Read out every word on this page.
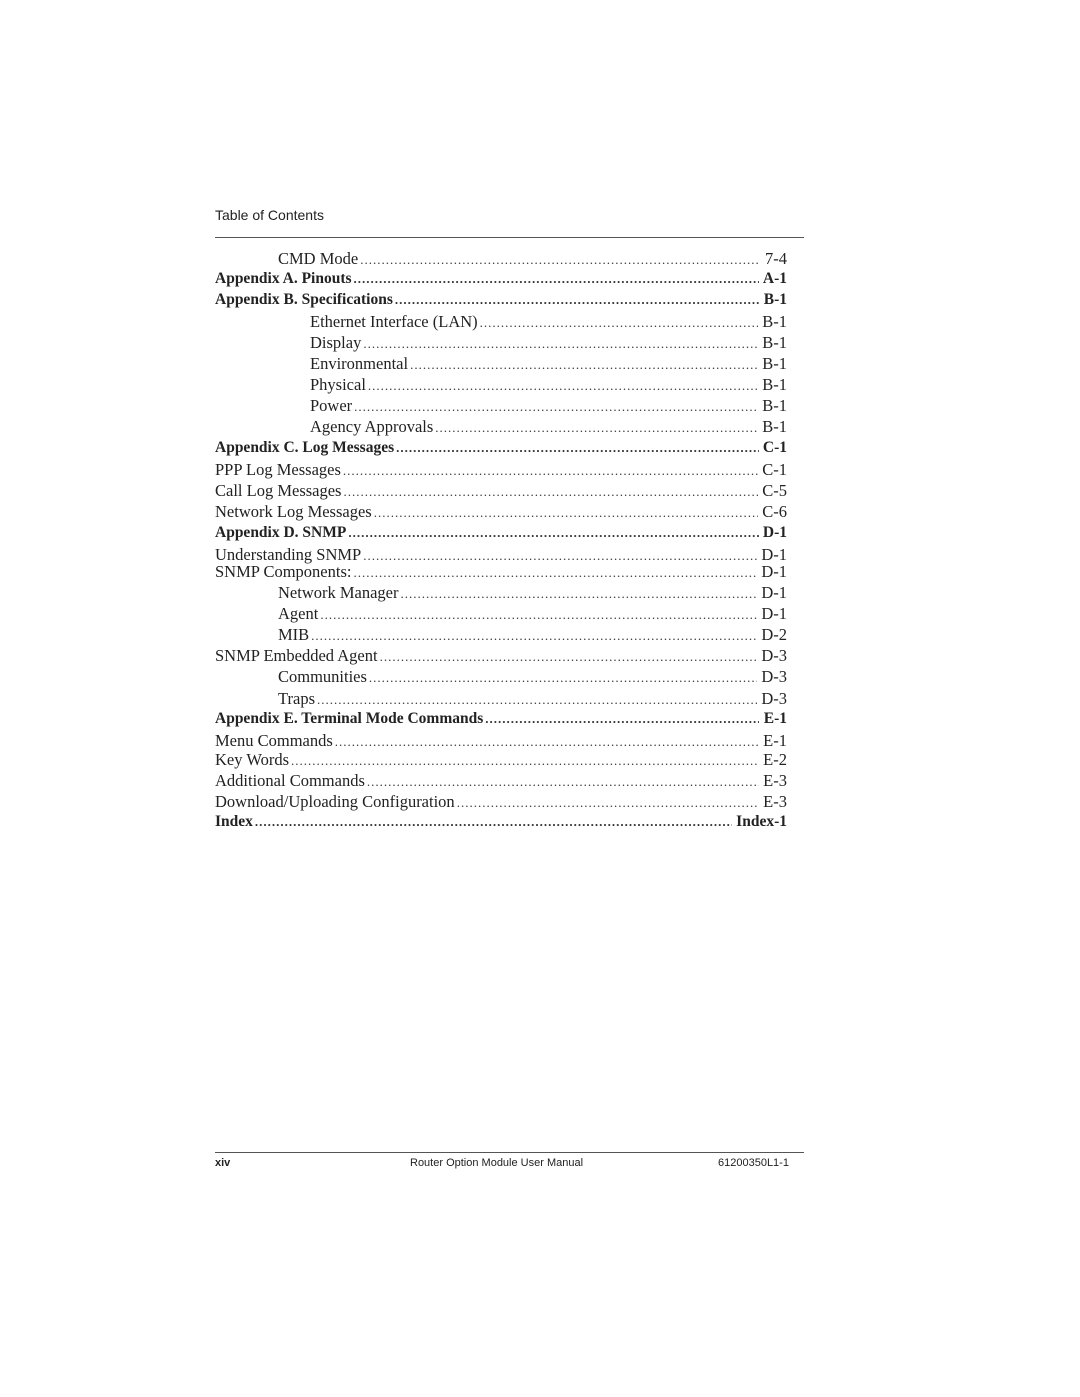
Table of Contents
CMD Mode .....	7-4
Appendix A. Pinouts .....	A-1
Appendix B. Specifications .....	B-1
Ethernet Interface (LAN) .....	B-1
Display .....	B-1
Environmental .....	B-1
Physical .....	B-1
Power .....	B-1
Agency Approvals .....	B-1
Appendix C. Log Messages .....	C-1
PPP Log Messages .....	C-1
Call Log Messages .....	C-5
Network Log Messages .....	C-6
Appendix D. SNMP .....	D-1
Understanding SNMP .....	D-1
SNMP Components: .....	D-1
Network Manager .....	D-1
Agent .....	D-1
MIB .....	D-2
SNMP Embedded Agent .....	D-3
Communities .....	D-3
Traps .....	D-3
Appendix E. Terminal Mode Commands .....	E-1
Menu Commands .....	E-1
Key Words .....	E-2
Additional Commands .....	E-3
Download/Uploading Configuration .....	E-3
Index .....	Index-1
xiv	Router Option Module User Manual	61200350L1-1
